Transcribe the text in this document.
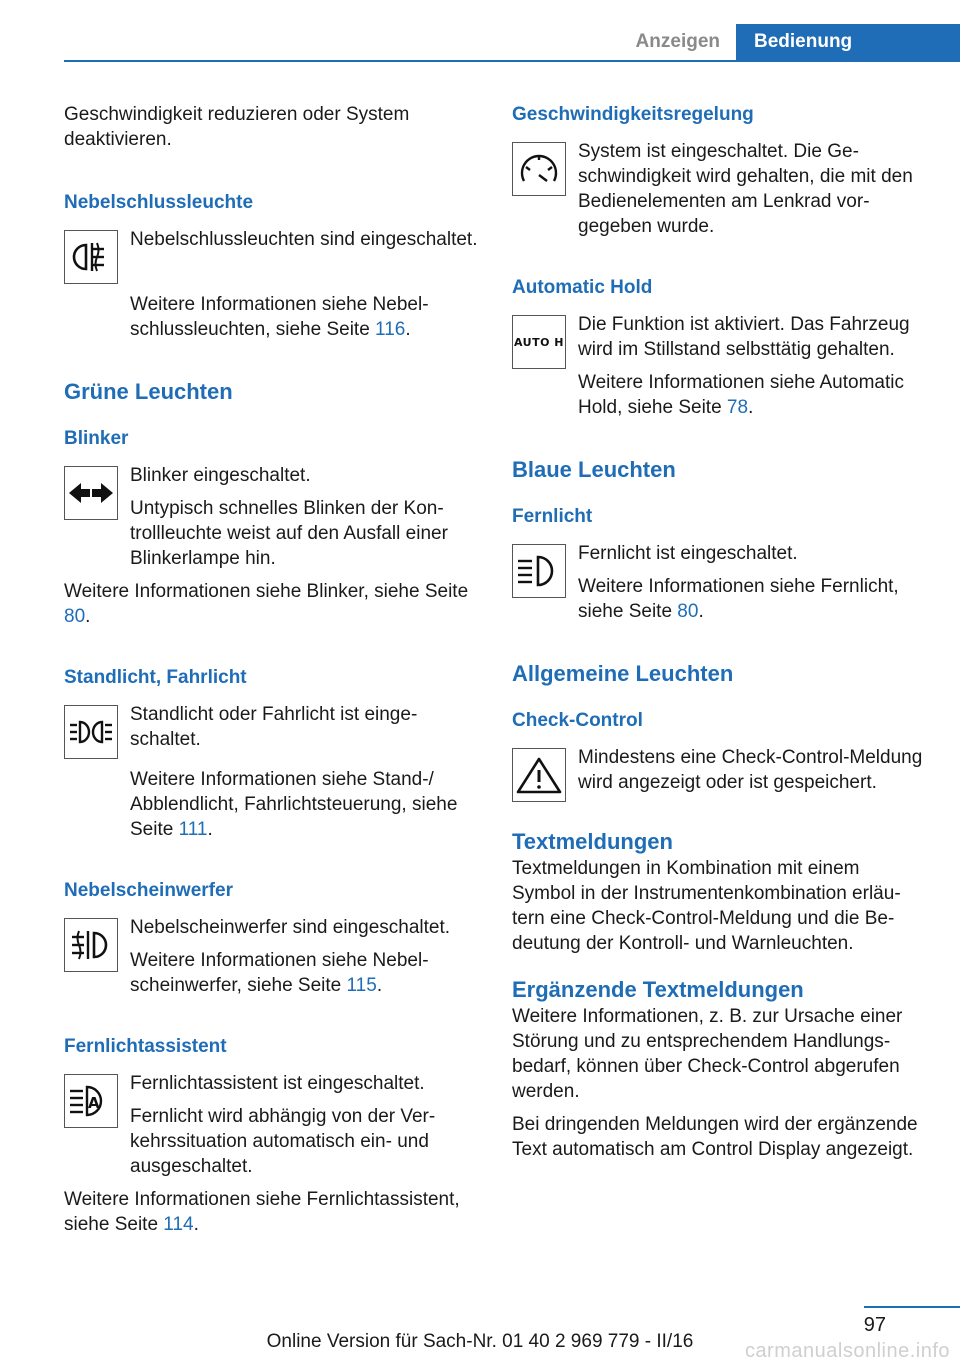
Anzeigen	Bedienung

Geschwindigkeit reduzieren oder System deaktivieren.

Nebelschlussleuchte

Nebelschlussleuchten sind eingeschaltet.

Weitere Informationen siehe Nebelschlussleuchten, siehe Seite 116.

Grüne Leuchten
Blinker

Blinker eingeschaltet.

Untypisch schnelles Blinken der Kontrollleuchte weist auf den Ausfall einer Blinkerlampe hin.

Weitere Informationen siehe Blinker, siehe Seite 80.

Standlicht, Fahrlicht

Standlicht oder Fahrlicht ist eingeschaltet.

Weitere Informationen siehe Stand-/ Abblendlicht, Fahrlichtsteuerung, siehe Seite 111.

Nebelscheinwerfer

Nebelscheinwerfer sind eingeschaltet.

Weitere Informationen siehe Nebelscheinwerfer, siehe Seite 115.

Fernlichtassistent
A

Fernlichtassistent ist eingeschaltet.

Fernlicht wird abhängig von der Verkehrssituation automatisch ein- und ausgeschaltet.

Weitere Informationen siehe Fernlichtassistent, siehe Seite 114.

Geschwindigkeitsregelung

System ist eingeschaltet. Die Geschwindigkeit wird gehalten, die mit den Bedienelementen am Lenkrad vorgegeben wurde.

Automatic Hold
AUTO H

Die Funktion ist aktiviert. Das Fahrzeug wird im Stillstand selbsttätig gehalten.

Weitere Informationen siehe Automatic Hold, siehe Seite 78.

Blaue Leuchten
Fernlicht

Fernlicht ist eingeschaltet.

Weitere Informationen siehe Fernlicht, siehe Seite 80.

Allgemeine Leuchten
Check-Control

Mindestens eine Check-Control-Meldung wird angezeigt oder ist gespeichert.

Textmeldungen

Textmeldungen in Kombination mit einem Symbol in der Instrumentenkombination erläutern eine Check-Control-Meldung und die Bedeutung der Kontroll- und Warnleuchten.

Ergänzende Textmeldungen

Weitere Informationen, z. B. zur Ursache einer Störung und zu entsprechendem Handlungsbedarf, können über Check-Control abgerufen werden.

Bei dringenden Meldungen wird der ergänzende Text automatisch am Control Display angezeigt.

97
Online Version für Sach-Nr. 01 40 2 969 779 - II/16	carmanualsonline.info
